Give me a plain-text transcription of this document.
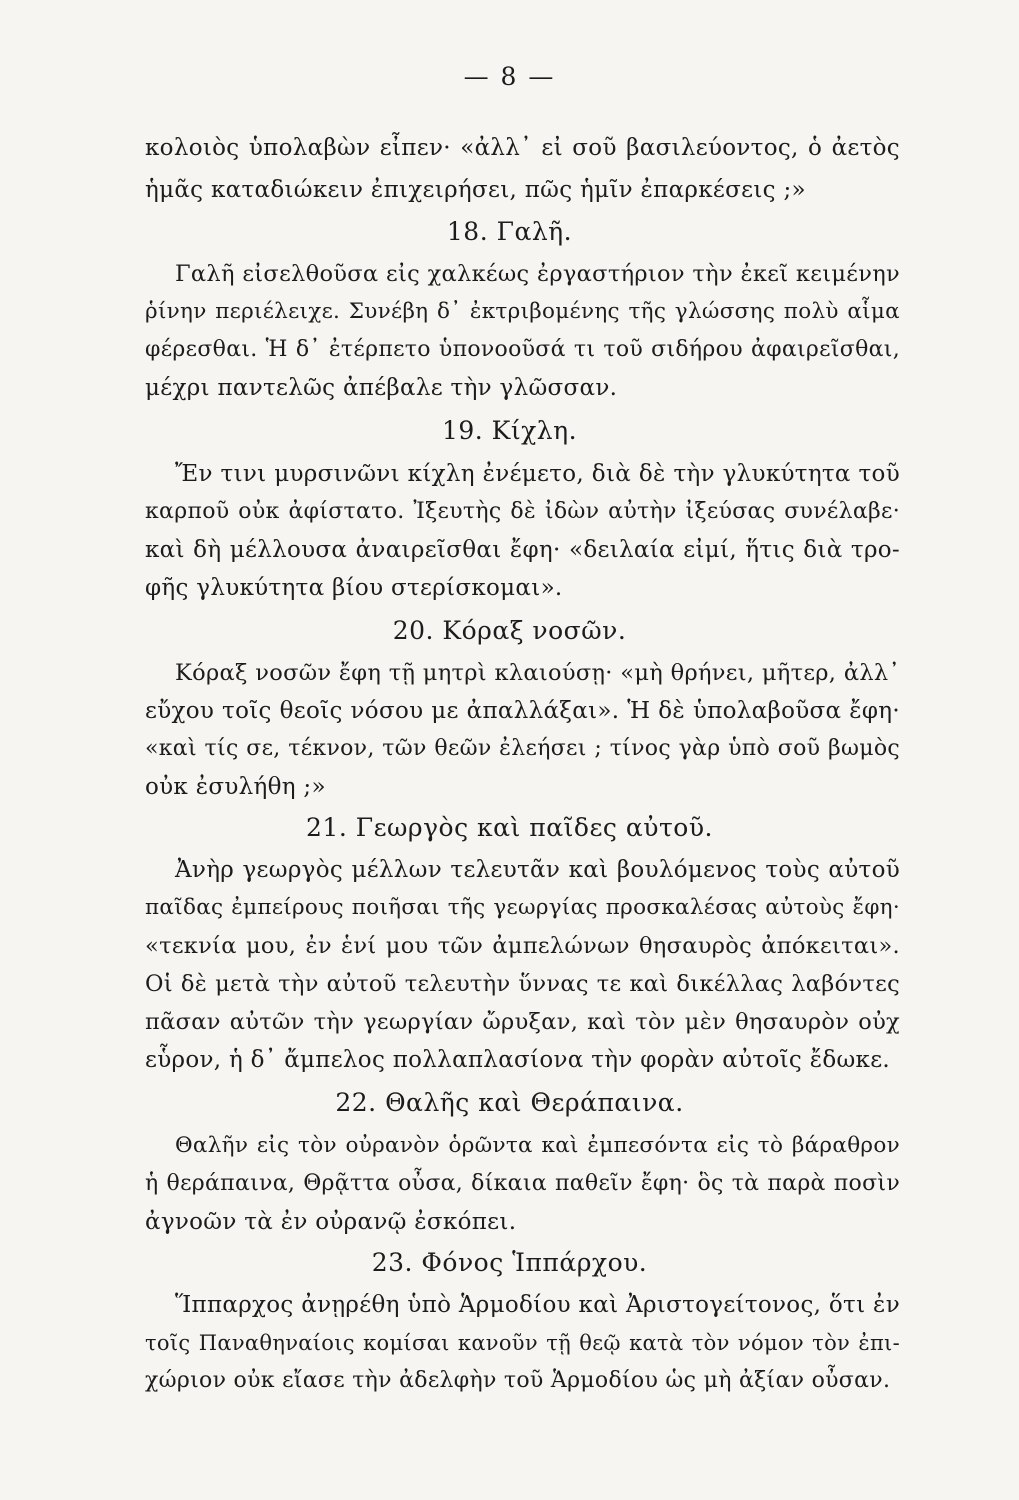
— 8 —
κολοιὸς ὑπολαβὼν εἶπεν· «ἀλλ᾽ εἰ σοῦ βασιλεύοντος, ὁ ἀετὸς
ἡμᾶς καταδιώκειν ἐπιχειρήσει, πῶς ἡμῖν ἐπαρκέσεις ;»
18. Γαλῆ.
Γαλῆ εἰσελθοῦσα εἰς χαλκέως ἐργαστήριον τὴν ἐκεῖ κειμένην
ῥίνην περιέλειχε. Συνέβη δ᾽ ἐκτριβομένης τῆς γλώσσης πολὺ αἷμα
φέρεσθαι. Ἡ δ᾽ ἐτέρπετο ὑπονοοῦσά τι τοῦ σιδήρου ἀφαιρεῖσθαι,
μέχρι παντελῶς ἀπέβαλε τὴν γλῶσσαν.
19. Κίχλη.
Ἔν τινι μυρσινῶνι κίχλη ἐνέμετο, διὰ δὲ τὴν γλυκύτητα τοῦ
καρποῦ οὐκ ἀφίστατο. Ἰξευτὴς δὲ ἰδὼν αὐτὴν ἰξεύσας συνέλαβε·
καὶ δὴ μέλλουσα ἀναιρεῖσθαι ἔφη· «δειλαία εἰμί, ἥτις διὰ τρο-
φῆς γλυκύτητα βίου στερίσκομαι».
20. Κόραξ νοσῶν.
Κόραξ νοσῶν ἔφη τῇ μητρὶ κλαιούσῃ· «μὴ θρήνει, μῆτερ, ἀλλ᾽
εὔχου τοῖς θεοῖς νόσου με ἀπαλλάξαι». Ἡ δὲ ὑπολαβοῦσα ἔφη·
«καὶ τίς σε, τέκνον, τῶν θεῶν ἐλεήσει ; τίνος γὰρ ὑπὸ σοῦ βωμὸς
οὐκ ἐσυλήθη ;»
21. Γεωργὸς καὶ παῖδες αὐτοῦ.
Ἀνὴρ γεωργὸς μέλλων τελευτᾶν καὶ βουλόμενος τοὺς αὐτοῦ
παῖδας ἐμπείρους ποιῆσαι τῆς γεωργίας προσκαλέσας αὐτοὺς ἔφη·
«τεκνία μου, ἐν ἑνί μου τῶν ἀμπελώνων θησαυρὸς ἀπόκειται».
Οἱ δὲ μετὰ τὴν αὐτοῦ τελευτὴν ὕννας τε καὶ δικέλλας λαβόντες
πᾶσαν αὐτῶν τὴν γεωργίαν ὤρυξαν, καὶ τὸν μὲν θησαυρὸν οὐχ
εὗρον, ἡ δ᾽ ἄμπελος πολλαπλασίονα τὴν φορὰν αὐτοῖς ἔδωκε.
22. Θαλῆς καὶ Θεράπαινα.
Θαλῆν εἰς τὸν οὐρανὸν ὁρῶντα καὶ ἐμπεσόντα εἰς τὸ βάραθρον
ἡ θεράπαινα, Θρᾷττα οὖσα, δίκαια παθεῖν ἔφη· ὃς τὰ παρὰ ποσὶν
ἀγνοῶν τὰ ἐν οὐρανῷ ἐσκόπει.
23. Φόνος Ἱππάρχου.
Ἵππαρχος ἀνῃρέθη ὑπὸ Ἁρμοδίου καὶ Ἀριστογείτονος, ὅτι ἐν
τοῖς Παναθηναίοις κομίσαι κανοῦν τῇ θεῷ κατὰ τὸν νόμον τὸν ἐπι-
χώριον οὐκ εἴασε τὴν ἀδελφὴν τοῦ Ἁρμοδίου ὡς μὴ ἀξίαν οὖσαν.
